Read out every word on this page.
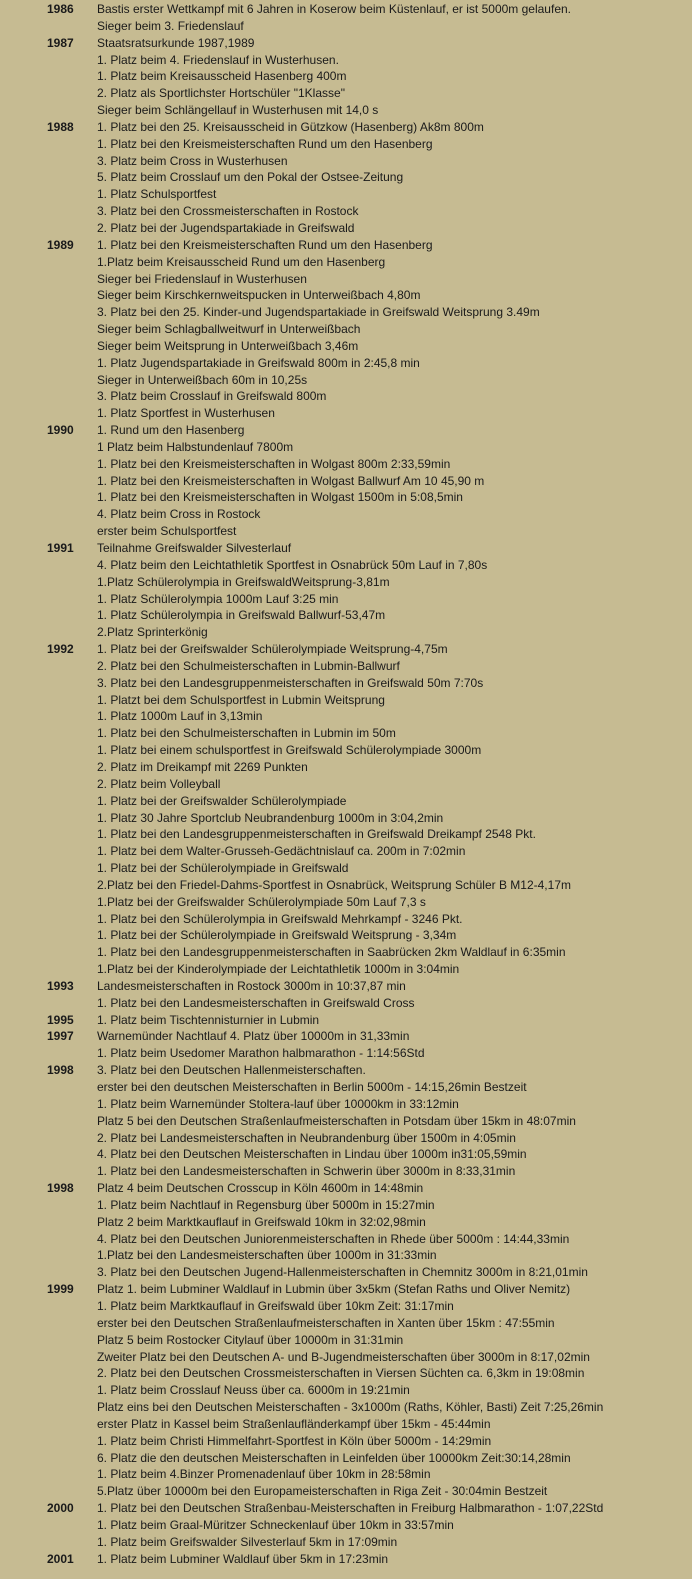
1986	Bastis erster Wettkampf mit 6 Jahren in Koserow beim Küstenlauf, er ist 5000m gelaufen.
Sieger beim 3. Friedenslauf
1987	Staatsratsurkunde 1987,1989
1. Platz beim 4. Friedenslauf in Wusterhusen.
1. Platz beim Kreisausscheid Hasenberg 400m
2. Platz als Sportlichster Hortschüler "1Klasse"
Sieger beim Schlängellauf in Wusterhusen mit 14,0 s
1988	1. Platz bei den 25. Kreisausscheid in Gützkow (Hasenberg) Ak8m 800m
1. Platz bei den Kreismeisterschaften Rund um den Hasenberg
3. Platz beim Cross in Wusterhusen
5. Platz beim Crosslauf um den Pokal der Ostsee-Zeitung
1. Platz Schulsportfest
3. Platz bei den Crossmeisterschaften in Rostock
2. Platz bei der Jugendspartakiade in Greifswald
1989	1. Platz bei den Kreismeisterschaften Rund um den Hasenberg
1.Platz beim Kreisausscheid Rund um den Hasenberg
Sieger bei Friedenslauf in Wusterhusen
Sieger beim Kirschkernweitspucken in Unterweißbach 4,80m
3. Platz bei den 25. Kinder-und Jugendspartakiade in Greifswald Weitsprung 3.49m
Sieger beim Schlagballweitwurf in Unterweißbach
Sieger beim Weitsprung in Unterweißbach 3,46m
1. Platz Jugendspartakiade in Greifswald 800m in 2:45,8 min
Sieger in Unterweißbach 60m in 10,25s
3. Platz beim Crosslauf in Greifswald 800m
1. Platz Sportfest in Wusterhusen
1990	1. Rund um den Hasenberg
1 Platz beim Halbstundenlauf 7800m
1. Platz bei den Kreismeisterschaften in Wolgast 800m 2:33,59min
1. Platz bei den Kreismeisterschaften in Wolgast Ballwurf Am 10 45,90 m
1. Platz bei den Kreismeisterschaften in Wolgast 1500m in 5:08,5min
4. Platz beim Cross in Rostock
erster beim Schulsportfest
1991	Teilnahme Greifswalder Silvesterlauf
4. Platz beim den Leichtathletik Sportfest in Osnabrück 50m Lauf in 7,80s
1.Platz Schülerolympia in GreifswaldWeitsprung-3,81m
1. Platz Schülerolympia 1000m Lauf 3:25 min
1. Platz Schülerolympia in Greifswald Ballwurf-53,47m
2.Platz Sprinterkönig
1992	1. Platz bei der Greifswalder Schülerolympiade Weitsprung-4,75m
2. Platz bei den Schulmeisterschaften in Lubmin-Ballwurf
3. Platz bei den Landesgruppenmeisterschaften in Greifswald 50m 7:70s
1. Platzt bei dem Schulsportfest in Lubmin Weitsprung
1. Platz 1000m Lauf in 3,13min
1. Platz bei den Schulmeisterschaften in Lubmin im 50m
1. Platz bei einem schulsportfest in Greifswald Schülerolympiade 3000m
2. Platz im Dreikampf mit 2269 Punkten
2. Platz beim Volleyball
1. Platz bei der Greifswalder Schülerolympiade
1. Platz 30 Jahre Sportclub Neubrandenburg 1000m in 3:04,2min
1. Platz bei den Landesgruppenmeisterschaften in Greifswald Dreikampf 2548 Pkt.
1. Platz bei dem Walter-Grusseh-Gedächtnislauf ca. 200m in 7:02min
1. Platz bei der Schülerolympiade in Greifswald
2.Platz bei den Friedel-Dahms-Sportfest in Osnabrück, Weitsprung Schüler B M12-4,17m
1.Platz bei der Greifswalder Schülerolympiade 50m Lauf 7,3 s
1. Platz bei den Schülerolympia in Greifswald Mehrkampf - 3246 Pkt.
1. Platz bei der Schülerolympiade in Greifswald Weitsprung - 3,34m
1. Platz bei den Landesgruppenmeisterschaften in Saabrücken 2km Waldlauf in 6:35min
1.Platz bei der Kinderolympiade der Leichtathletik 1000m in 3:04min
1993	Landesmeisterschaften in Rostock 3000m in 10:37,87 min
1. Platz bei den Landesmeisterschaften in Greifswald Cross
1995	1. Platz beim Tischtennisturnier in Lubmin
1997	Warnemünder Nachtlauf 4. Platz über 10000m in 31,33min
1. Platz beim Usedomer Marathon halbmarathon - 1:14:56Std
1998	3. Platz bei den Deutschen Hallenmeisterschaften.
erster bei den deutschen Meisterschaften in Berlin 5000m - 14:15,26min Bestzeit
1. Platz beim Warnemünder Stoltera-lauf über 10000km in 33:12min
Platz 5 bei den Deutschen Straßenlaufmeisterschaften in Potsdam über 15km in 48:07min
2. Platz bei Landesmeisterschaften in Neubrandenburg über 1500m in 4:05min
4. Platz bei den Deutschen Meisterschaften in Lindau über 1000m in31:05,59min
1. Platz bei den Landesmeisterschaften in Schwerin über 3000m in 8:33,31min
1998	Platz 4 beim Deutschen Crosscup in Köln 4600m in 14:48min
1. Platz beim Nachtlauf in Regensburg über 5000m in 15:27min
Platz 2 beim Marktkauflauf in Greifswald 10km in 32:02,98min
4. Platz bei den Deutschen Juniorenmeisterschaften in Rhede über 5000m : 14:44,33min
1.Platz bei den Landesmeisterschaften über 1000m in 31:33min
3. Platz bei den Deutschen Jugend-Hallenmeisterschaften in Chemnitz 3000m in 8:21,01min
1999	Platz 1. beim Lubminer Waldlauf in Lubmin über 3x5km (Stefan Raths und Oliver Nemitz)
1. Platz beim Marktkauflauf in Greifswald über 10km Zeit: 31:17min
erster bei den Deutschen Straßenlaufmeisterschaften in Xanten über 15km : 47:55min
Platz 5 beim Rostocker Citylauf über 10000m in 31:31min
Zweiter Platz bei den Deutschen A- und B-Jugendmeisterschaften über 3000m in 8:17,02min
2. Platz bei den Deutschen Crossmeisterschaften in Viersen Süchten ca. 6,3km in 19:08min
1. Platz beim Crosslauf Neuss über ca. 6000m in 19:21min
Platz eins bei den Deutschen Meisterschaften - 3x1000m (Raths, Köhler, Basti) Zeit 7:25,26min
erster Platz in Kassel beim Straßenlaufländerkampf über 15km - 45:44min
1. Platz beim Christi Himmelfahrt-Sportfest in Köln über 5000m - 14:29min
6. Platz die den deutschen Meisterschaften in Leinfelden über 10000km Zeit:30:14,28min
1. Platz beim 4.Binzer Promenadenlauf über 10km in 28:58min
5.Platz über 10000m bei den Europameisterschaften in Riga Zeit - 30:04min Bestzeit
2000	1. Platz bei den Deutschen Straßenbau-Meisterschaften in Freiburg Halbmarathon - 1:07,22Std
1. Platz beim Graal-Müritzer Schneckenlauf über 10km in 33:57min
1. Platz beim Greifswalder Silvesterlauf 5km in 17:09min
2001	1. Platz beim Lubminer Waldlauf über 5km in 17:23min
